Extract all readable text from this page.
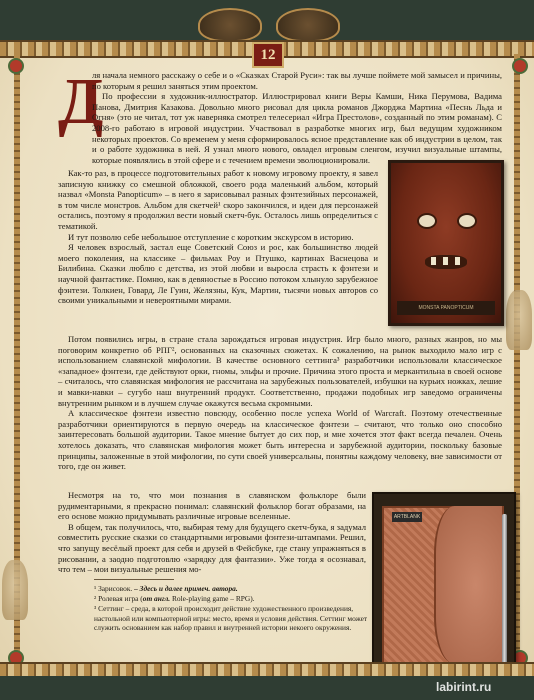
12
Д

ля начала немного расскажу о себе и о «Сказках Старой Руси»: так вы лучше поймете мой замысел и причины, по которым я решил заняться этим проектом.

По профессии я художник-иллюстратор. Иллюстрировал книги Веры Камши, Ника Перумова, Вадима Панова, Дмитрия Казакова. Довольно много рисовал для цикла романов Джорджа Мартина «Песнь Льда и Огня» (это не читал, тот уж наверняка смотрел телесериал «Игра Престолов», созданный по этим романам). С 2008-го работаю в игровой индустрии. Участвовал в разработке многих игр, был ведущим художником некоторых проектов. Со временем у меня сформировалось ясное представление как об индустрии в целом, так и о работе художника в ней. Я узнал много нового, овладел игровым сленгом, изучил визуальные штампы, которые появлялись в этой сфере и с течением времени эволюционировали.

Как-то раз, в процессе подготовительных работ к новому игровому проекту, я завел записную книжку со смешной обложкой, своего рода маленький альбом, который назвал «Monsta Panopticum» – в него я зарисовывал разных фэнтезийных персонажей, в том числе монстров. Альбом для скетчей¹ скоро закончился, и идеи для персонажей остались, поэтому я продолжил вести новый скетч-бук. Осталось лишь определиться с тематикой.

И тут позволю себе небольшое отступление с коротким экскурсом в историю.

Я человек взрослый, застал еще Советский Союз и рос, как большинство людей моего поколения, на классике – фильмах Роу и Птушко, картинах Васнецова и Билибина. Сказки люблю с детства, из этой любви и выросла страсть к фэнтези и научной фантастике. Помню, как в девяностые в Россию потоком хлынуло зарубежное фэнтези. Толкиен, Говард, Ле Гуин, Желязны, Кук, Мартин, тысячи новых авторов со своими уникальными и невероятными мирами.

Потом появились игры, в стране стала зарождаться игровая индустрия. Игр было много, разных жанров, но мы поговорим конкретно об РПГ², основанных на сказочных сюжетах. К сожалению, на рынок выходило мало игр с использованием славянской мифологии. В качестве основного сеттинга³ разработчики использовали классическое «западное» фэнтези, где действуют орки, гномы, эльфы и прочие. Причина этого проста и меркантильна в своей основе – считалось, что славянская мифология не рассчитана на зарубежных пользователей, избушки на курьих ножках, лешие и мавки-навки – сугубо наш внутренний продукт. Соответственно, продажи подобных игр заведомо ограничены внутренним рынком и в лучшем случае окажутся весьма скромными.

А классическое фэнтези известно повсюду, особенно после успеха World of Warcraft. Поэтому отечественные разработчики ориентируются в первую очередь на классическое фэнтези – считают, что только оно способно заинтересовать большой аудитории. Такое мнение бытует до сих пор, и мне хочется этот факт всегда печален. Очень хотелось доказать, что славянская мифология может быть интересна и зарубежной аудитории, поскольку базовые принципы, заложенные в этой мифологии, по сути своей универсальны, понятны каждому человеку, вне зависимости от того, где он живет.

Несмотря на то, что мои познания в славянском фольклоре были рудиментарными, я прекрасно понимал: славянский фольклор богат образами, на его основе можно придумывать различные игровые вселенные.

В общем, так получилось, что, выбирая тему для будущего скетч-бука, я задумал совместить русские сказки со стандартными игровыми фэнтези-штампами. Решил, что запущу весёлый проект для себя и друзей в Фейсбуке, где стану упражняться в рисовании, а заодно подготовлю «зарядку для фантазии». Уже тогда я осознавал, что тем – мои визуальные решения мо-

¹ Зарисовок. – Здесь и далее примеч. автора.
² Ролевая игра (от англ. Role-playing game – RPG).
³ Сеттинг – среда, в которой происходит действие художественного произведения, настольной или компьютерной игры: место, время и условия действия. Сеттинг может служить основанием как набор правил и внутренней истории некоего окружения.
MONSTA PANOPTICUM
ARTBLANK
labirint.ru
